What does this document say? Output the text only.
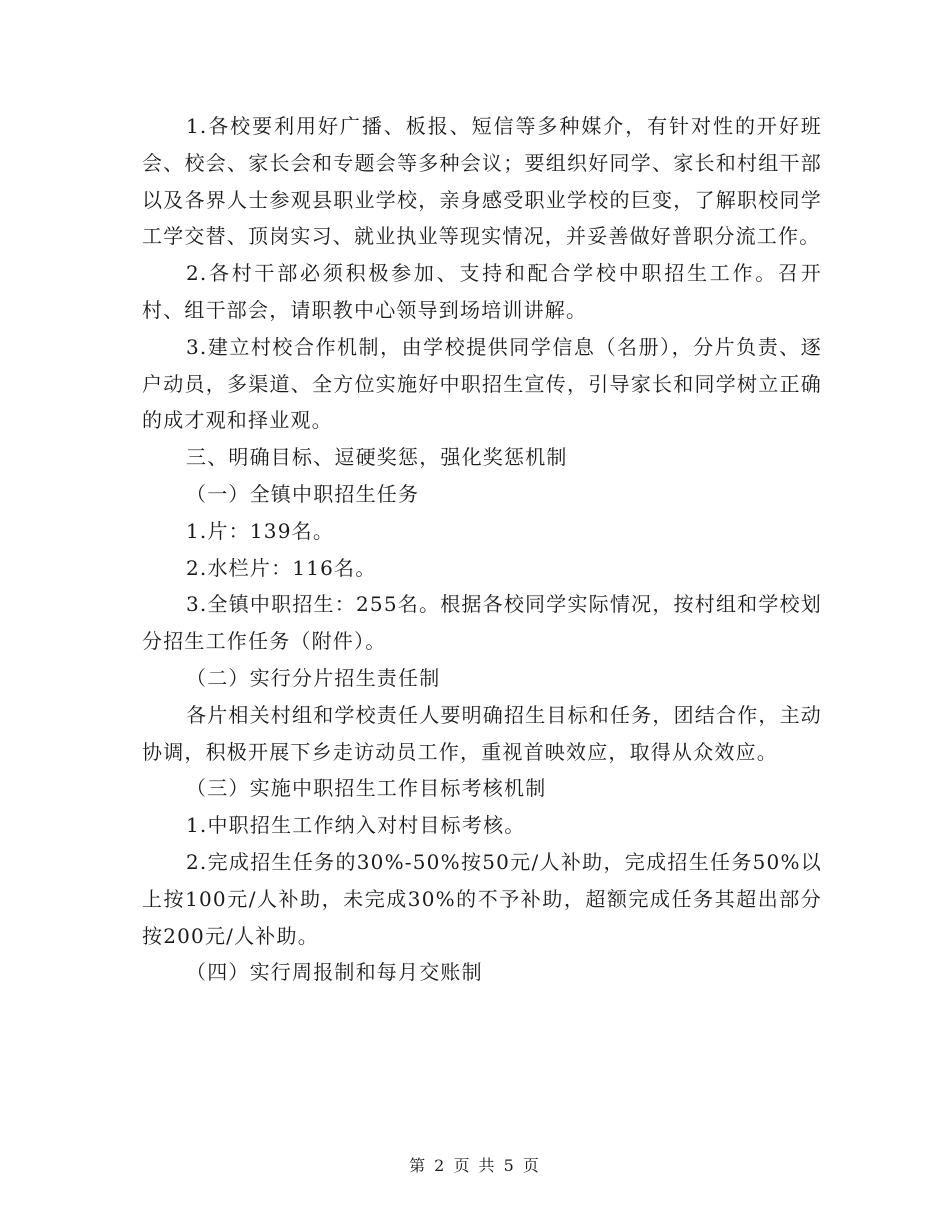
1.各校要利用好广播、板报、短信等多种媒介，有针对性的开好班会、校会、家长会和专题会等多种会议；要组织好同学、家长和村组干部以及各界人士参观县职业学校，亲身感受职业学校的巨变，了解职校同学工学交替、顶岗实习、就业执业等现实情况，并妥善做好普职分流工作。

2.各村干部必须积极参加、支持和配合学校中职招生工作。召开村、组干部会，请职教中心领导到场培训讲解。

3.建立村校合作机制，由学校提供同学信息（名册），分片负责、逐户动员，多渠道、全方位实施好中职招生宣传，引导家长和同学树立正确的成才观和择业观。

三、明确目标、逗硬奖惩，强化奖惩机制

（一）全镇中职招生任务

1.片：139名。

2.水栏片：116名。

3.全镇中职招生：255名。根据各校同学实际情况，按村组和学校划分招生工作任务（附件）。

（二）实行分片招生责任制

各片相关村组和学校责任人要明确招生目标和任务，团结合作，主动协调，积极开展下乡走访动员工作，重视首映效应，取得从众效应。

（三）实施中职招生工作目标考核机制

1.中职招生工作纳入对村目标考核。

2.完成招生任务的30%-50%按50元/人补助，完成招生任务50%以上按100元/人补助，未完成30%的不予补助，超额完成任务其超出部分按200元/人补助。

（四）实行周报制和每月交账制

第 2 页 共 5 页
